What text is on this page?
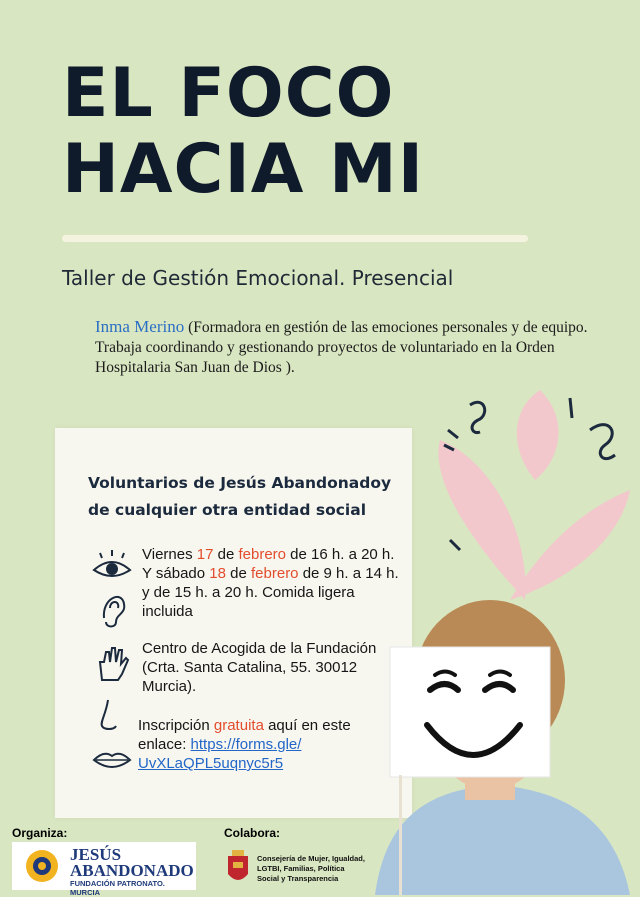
EL FOCO
HACIA MI
Taller de Gestión Emocional. Presencial
Inma Merino (Formadora en gestión de las emociones personales y de equipo. Trabaja coordinando y gestionando proyectos de voluntariado en la Orden Hospitalaria San Juan de Dios ).
Voluntarios de Jesús Abandonadoy de cualquier otra entidad social
Viernes 17 de febrero de 16 h. a 20 h. Y sábado 18 de febrero de 9 h. a 14 h. y de 15 h. a 20 h. Comida ligera incluida
Centro de Acogida de la Fundación (Crta. Santa Catalina, 55. 30012 Murcia).
Inscripción gratuita aquí en este enlace: https://forms.gle/ UvXLaQPL5uqnyc5r5
Organiza:	Colabora:
JESÚS
ABANDONADO
FUNDACIÓN PATRONATO. MURCIA
Consejería de Mujer, Igualdad, LGTBI, Familias, Política Social y Transparencia
